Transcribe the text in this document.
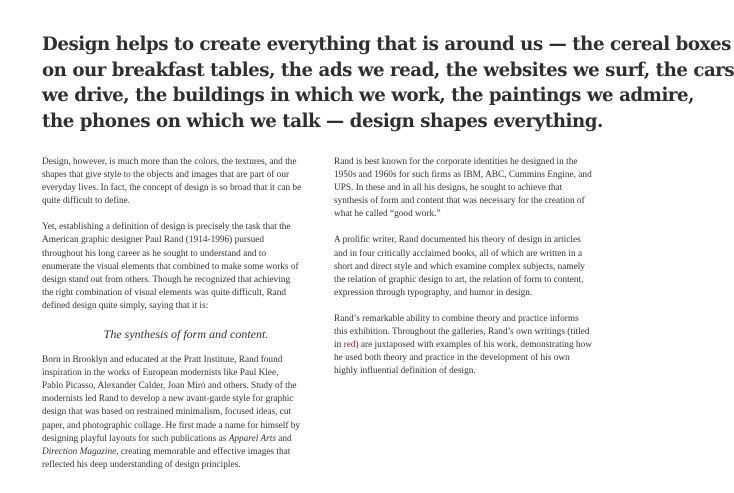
Design helps to create everything that is around us — the cereal boxes
on our breakfast tables, the ads we read, the websites we surf, the cars
we drive, the buildings in which we work, the paintings we admire,
the phones on which we talk — design shapes everything.

Design, however, is much more than the colors, the textures, and the
shapes that give style to the objects and images that are part of our
everyday lives. In fact, the concept of design is so broad that it can be
quite difficult to define.

Yet, establishing a definition of design is precisely the task that the
American graphic designer Paul Rand (1914-1996) pursued
throughout his long career as he sought to understand and to
enumerate the visual elements that combined to make some works of
design stand out from others. Though he recognized that achieving
the right combination of visual elements was quite difficult, Rand
defined design quite simply, saying that it is:

The synthesis of form and content.

Born in Brooklyn and educated at the Pratt Institute, Rand found
inspiration in the works of European modernists like Paul Klee,
Pablo Picasso, Alexander Calder, Joan Miró and others. Study of the
modernists led Rand to develop a new avant-garde style for graphic
design that was based on restrained minimalism, focused ideas, cut
paper, and photographic collage. He first made a name for himself by
designing playful layouts for such publications as Apparel Arts and
Direction Magazine, creating memorable and effective images that
reflected his deep understanding of design principles.

Rand is best known for the corporate identities he designed in the
1950s and 1960s for such firms as IBM, ABC, Cummins Engine, and
UPS. In these and in all his designs, he sought to achieve that
synthesis of form and content that was necessary for the creation of
what he called “good work.”

A prolific writer, Rand documented his theory of design in articles
and in four critically acclaimed books, all of which are written in a
short and direct style and which examine complex subjects, namely
the relation of graphic design to art, the relation of form to content,
expression through typography, and humor in design.

Rand’s remarkable ability to combine theory and practice informs
this exhibition. Throughout the galleries, Rand’s own writings (titled
in red) are juxtaposed with examples of his work, demonstrating how
he used both theory and practice in the development of his own
highly influential definition of design.
